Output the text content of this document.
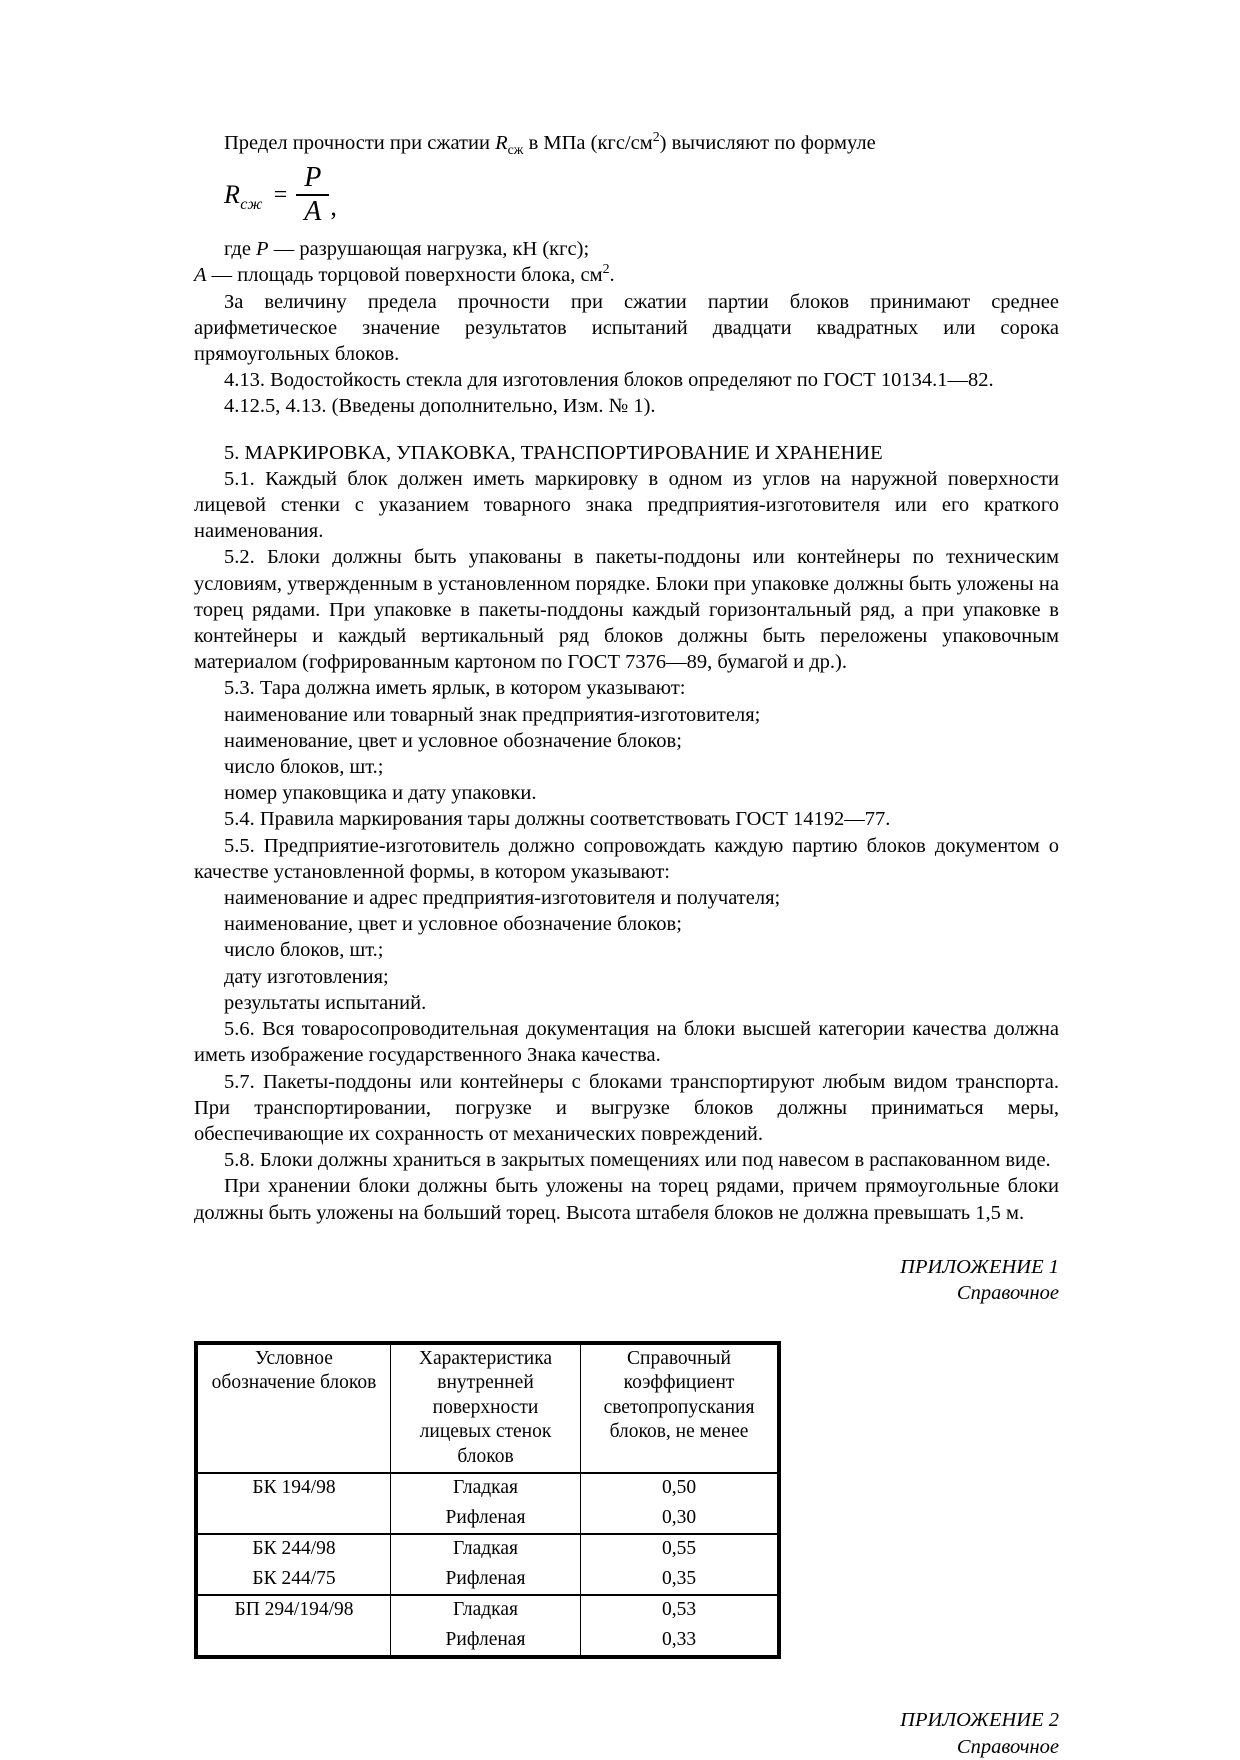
Предел прочности при сжатии $R_{сж}$ в МПа $(кгс/см^2)$ вычисляют по формуле

$R_{сж} = \frac{P}{A}$ ,

где P — разрушающая нагрузка, кН (кгс);

A — площадь торцовой поверхности блока, $см^2$.

За величину предела прочности при сжатии партии блоков принимают среднее арифметическое значение результатов испытаний двадцати квадратных или сорока прямоугольных блоков.

4.13. Водостойкость стекла для изготовления блоков определяют по ГОСТ 10134.1—82.

4.12.5, 4.13. (Введены дополнительно, Изм. № 1).

5. МАРКИРОВКА, УПАКОВКА, ТРАНСПОРТИРОВАНИЕ И ХРАНЕНИЕ

5.1. Каждый блок должен иметь маркировку в одном из углов на наружной поверхности лицевой стенки с указанием товарного знака предприятия-изготовителя или его краткого наименования.

5.2. Блоки должны быть упакованы в пакеты-поддоны или контейнеры по техническим условиям, утвержденным в установленном порядке. Блоки при упаковке должны быть уложены на торец рядами. При упаковке в пакеты-поддоны каждый горизонтальный ряд, а при упаковке в контейнеры и каждый вертикальный ряд блоков должны быть переложены упаковочным материалом (гофрированным картоном по ГОСТ 7376—89, бумагой и др.).

5.3. Тара должна иметь ярлык, в котором указывают:
наименование или товарный знак предприятия-изготовителя;
наименование, цвет и условное обозначение блоков;
число блоков, шт.;
номер упаковщика и дату упаковки.
5.4. Правила маркирования тары должны соответствовать ГОСТ 14192—77.

5.5. Предприятие-изготовитель должно сопровождать каждую партию блоков документом о качестве установленной формы, в котором указывают:

наименование и адрес предприятия-изготовителя и получателя;
наименование, цвет и условное обозначение блоков;
число блоков, шт.;
дату изготовления;
результаты испытаний.

5.6. Вся товаросопроводительная документация на блоки высшей категории качества должна иметь изображение государственного Знака качества.

5.7. Пакеты-поддоны или контейнеры с блоками транспортируют любым видом транспорта. При транспортировании, погрузке и выгрузке блоков должны приниматься меры, обеспечивающие их сохранность от механических повреждений.

5.8. Блоки должны храниться в закрытых помещениях или под навесом в распакованном виде.

При хранении блоки должны быть уложены на торец рядами, причем прямоугольные блоки должны быть уложены на больший торец. Высота штабеля блоков не должна превышать 1,5 м.

ПРИЛОЖЕНИЕ 1
Справочное
Условное обозначение блоков	Характеристика внутренней поверхности лицевых стенок блоков	Справочный коэффициент светопропускания блоков, не менее
БК 194/98	Гладкая	0,50
	Рифленая	0,30
БК 244/98	Гладкая	0,55
БК 244/75	Рифленая	0,35
БП 294/194/98	Гладкая	0,53
	Рифленая	0,33
ПРИЛОЖЕНИЕ 2
Справочное
